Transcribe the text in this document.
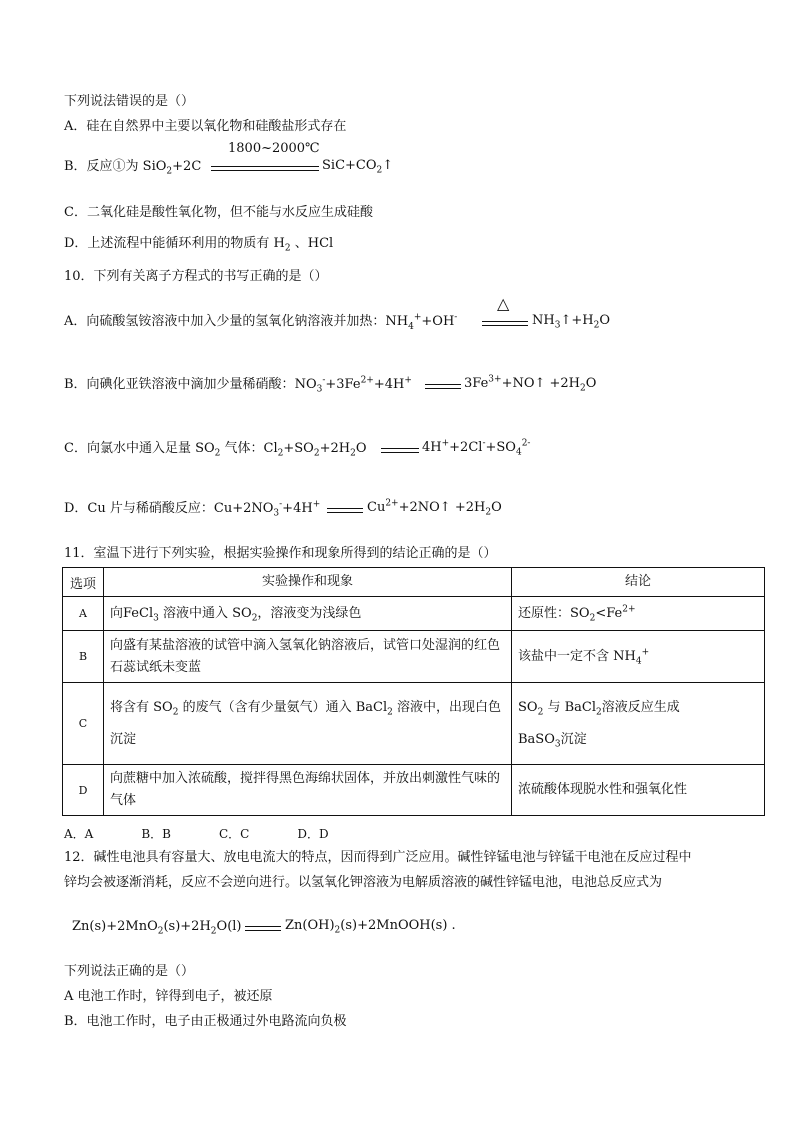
下列说法错误的是（）
A．硅在自然界中主要以氧化物和硅酸盐形式存在
B．反应①为 SiO$_2$+2C
1800~2000℃
$SiC+CO_2↑$
C．二氧化硅是酸性氧化物，但不能与水反应生成硅酸
D．上述流程中能循环利用的物质有 $H_2$ 、HCl
10．下列有关离子方程式的书写正确的是（）
A．向硫酸氢铵溶液中加入少量的氢氧化钠溶液并加热：$NH_4^++OH^-$
△
$NH_3↑+H_2O$
B．向碘化亚铁溶液中滴加少量稀硝酸：$NO_3^-+3Fe^{2+}+4H^+$	$3Fe^{3+}+NO↑ +2H_2O$
C．向氯水中通入足量 $SO_2$ 气体：$Cl_2+SO_2+2H_2O$	$4H^++2Cl^-+SO_4^{2-}$
D．Cu 片与稀硝酸反应：$Cu+2NO_3^-+4H^+$	$Cu^{2+}+2NO↑ +2H_2O$
11．室温下进行下列实验，根据实验操作和现象所得到的结论正确的是（）
选项	实验操作和现象	结论
A	向FeCl$_3$ 溶液中通入 $SO_2$，溶液变为浅绿色	还原性：$SO_2<Fe^{2+}$
B	向盛有某盐溶液的试管中滴入氢氧化钠溶液后，试管口处湿润的红色石蕊试纸未变蓝	该盐中一定不含 $NH_4^+$
C	将含有 $SO_2$ 的废气（含有少量氨气）通入 BaCl$_2$ 溶液中，出现白色沉淀	$SO_2$ 与 BaCl$_2$溶液反应生成
BaSO$_3$沉淀
D	向蔗糖中加入浓硫酸，搅拌得黑色海绵状固体，并放出刺激性气味的气体	浓硫酸体现脱水性和强氧化性
A．A　　　　B．B　　　　C．C　　　　D．D
12．碱性电池具有容量大、放电电流大的特点，因而得到广泛应用。碱性锌锰电池与锌锰干电池在反应过程中
锌均会被逐渐消耗，反应不会逆向进行。以氢氧化钾溶液为电解质溶液的碱性锌锰电池，电池总反应式为
$Zn(s)+2MnO_2(s)+2H_2O(l)$	$Zn(OH)_2(s)+2MnOOH(s)$ .
下列说法正确的是（）
A 电池工作时，锌得到电子，被还原
B．电池工作时，电子由正极通过外电路流向负极
